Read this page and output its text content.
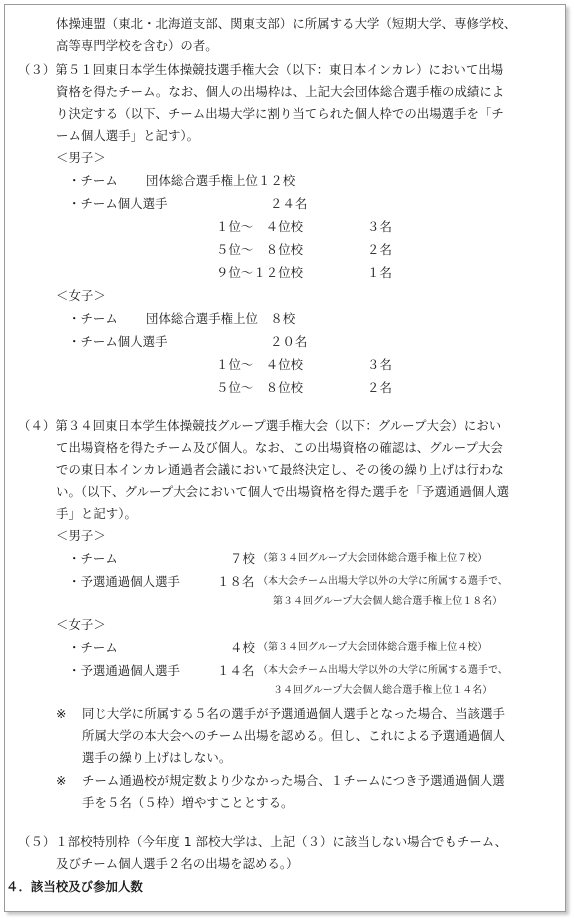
体操連盟（東北・北海道支部、関東支部）に所属する大学（短期大学、専修学校、
高等専門学校を含む）の者。
（３）第５１回東日本学生体操競技選手権大会（以下：東日本インカレ）において出場
資格を得たチーム。なお、個人の出場枠は、上記大会団体総合選手権の成績によ
り決定する（以下、チーム出場大学に割り当てられた個人枠での出場選手を「チ
ーム個人選手」と記す）。
＜男子＞
・チーム 団体総合選手権上位１２校
・チーム個人選手	２４名
１位～　４位校	３名
５位～　８位校	２名
９位～１２位校	１名
＜女子＞
・チーム 団体総合選手権上位　８校
・チーム個人選手	２０名
１位～　４位校	３名
５位～　８位校	２名
（４）第３４回東日本学生体操競技グループ選手権大会（以下：グループ大会）におい
て出場資格を得たチーム及び個人。なお、この出場資格の確認は、グループ大会
での東日本インカレ通過者会議において最終決定し、その後の繰り上げは行わな
い。（以下、グループ大会において個人で出場資格を得た選手を「予選通過個人選
手」と記す）。
＜男子＞
・チーム	７校 （第３４回グループ大会団体総合選手権上位７校）
・予選通過個人選手	１８名 （本大会チーム出場大学以外の大学に所属する選手で、
第３４回グループ大会個人総合選手権上位１８名）
＜女子＞
・チーム	４校 （第３４回グループ大会団体総合選手権上位４校）
・予選通過個人選手	１４名 （本大会チーム出場大学以外の大学に所属する選手で、
３４回グループ大会個人総合選手権上位１４名）
※ 同じ大学に所属する５名の選手が予選通過個人選手となった場合、当該選手
所属大学の本大会へのチーム出場を認める。但し、これによる予選通過個人
選手の繰り上げはしない。
※ チーム通過校が規定数より少なかった場合、１チームにつき予選通過個人選
手を５名（５枠）増やすこととする。
（５）１部校特別枠（今年度 1 部校大学は、上記（３）に該当しない場合でもチーム、
及びチーム個人選手２名の出場を認める。）
４．該当校及び参加人数
